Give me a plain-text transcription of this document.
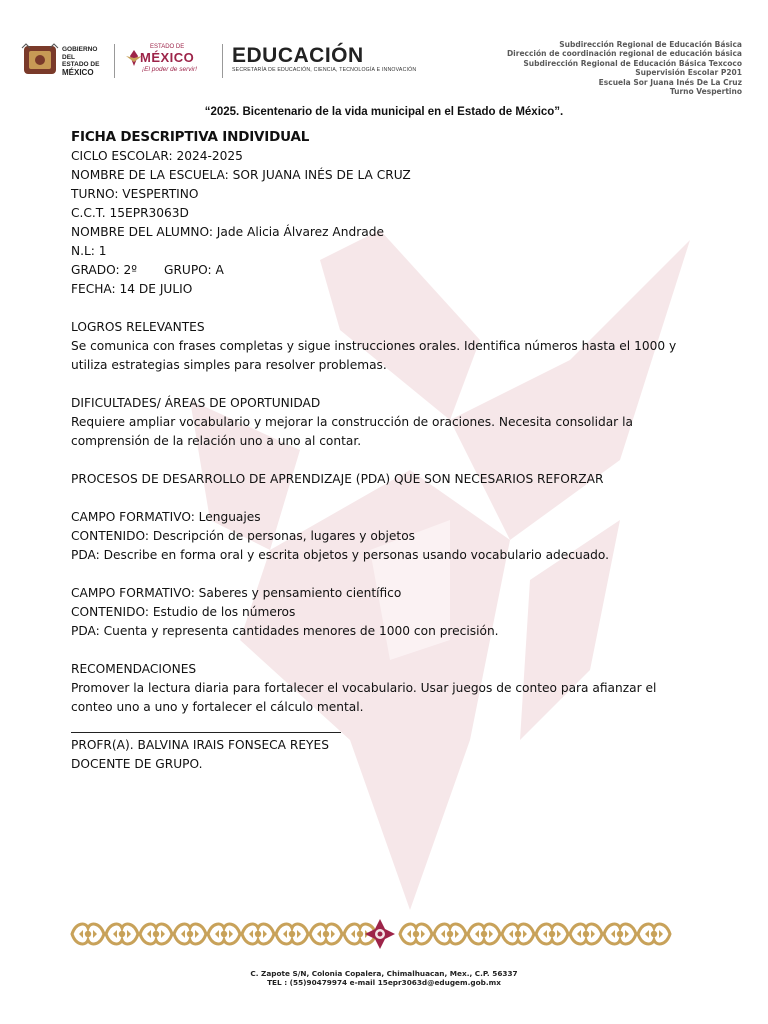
GOBIERNO DEL
ESTADO DE
MÉXICO
ESTADO DE
MÉXICO
¡El poder de servir!
EDUCACIÓN
SECRETARÍA DE EDUCACIÓN, CIENCIA, TECNOLOGÍA E INNOVACIÓN
Subdirección Regional de Educación Básica
Dirección de coordinación regional de educación básica
Subdirección Regional de Educación Básica Texcoco
Supervisión Escolar P201
Escuela Sor Juana Inés De La Cruz
Turno Vespertino
“2025. Bicentenario de la vida municipal en el Estado de México”.
FICHA DESCRIPTIVA INDIVIDUAL
CICLO ESCOLAR: 2024-2025
NOMBRE DE LA ESCUELA: SOR JUANA INÉS DE LA CRUZ
TURNO: VESPERTINO
C.C.T. 15EPR3063D
NOMBRE DEL ALUMNO: Jade Alicia Álvarez Andrade
N.L: 1
GRADO: 2º GRUPO: A
FECHA: 14 DE JULIO
LOGROS RELEVANTES
Se comunica con frases completas y sigue instrucciones orales. Identifica números hasta el 1000 y
utiliza estrategias simples para resolver problemas.
DIFICULTADES/ ÁREAS DE OPORTUNIDAD
Requiere ampliar vocabulario y mejorar la construcción de oraciones. Necesita consolidar la
comprensión de la relación uno a uno al contar.
PROCESOS DE DESARROLLO DE APRENDIZAJE (PDA) QUE SON NECESARIOS REFORZAR
CAMPO FORMATIVO: Lenguajes
CONTENIDO: Descripción de personas, lugares y objetos
PDA: Describe en forma oral y escrita objetos y personas usando vocabulario adecuado.
CAMPO FORMATIVO: Saberes y pensamiento científico
CONTENIDO: Estudio de los números
PDA: Cuenta y representa cantidades menores de 1000 con precisión.
RECOMENDACIONES
Promover la lectura diaria para fortalecer el vocabulario. Usar juegos de conteo para afianzar el
conteo uno a uno y fortalecer el cálculo mental.
PROFR(A). BALVINA IRAIS FONSECA REYES
DOCENTE DE GRUPO.
C. Zapote S/N, Colonia Copalera, Chimalhuacan, Mex., C.P. 56337
TEL : (55)90479974 e-mail 15epr3063d@edugem.gob.mx
